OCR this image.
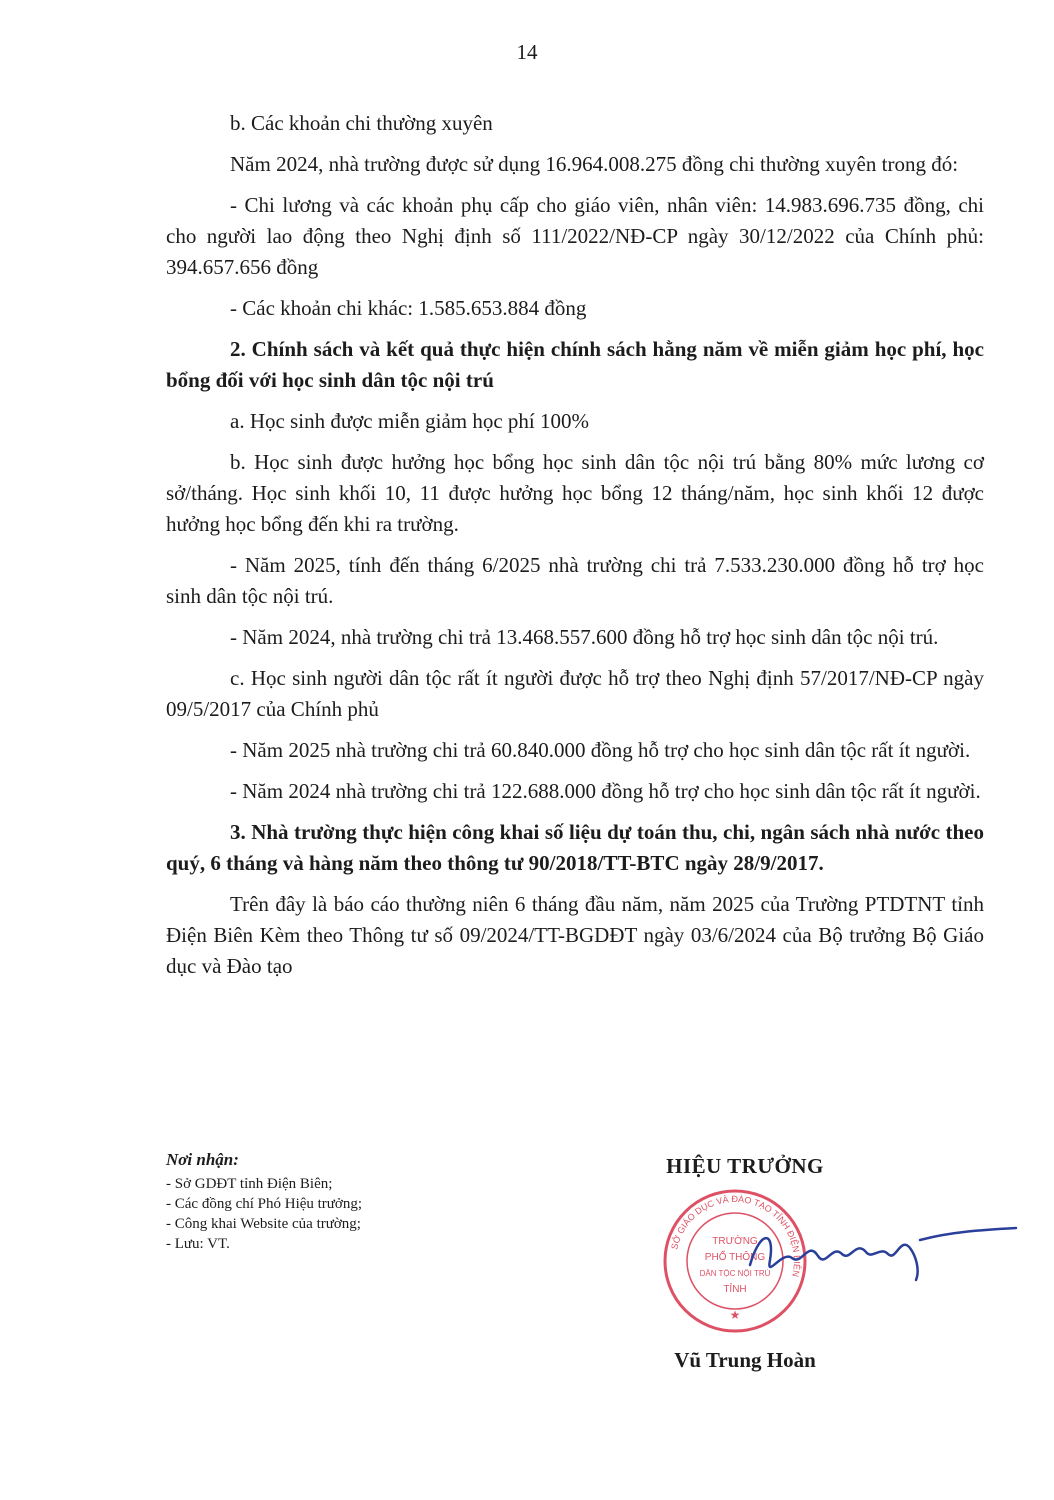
14

b. Các khoản chi thường xuyên

Năm 2024, nhà trường được sử dụng 16.964.008.275 đồng chi thường xuyên trong đó:

- Chi lương và các khoản phụ cấp cho giáo viên, nhân viên: 14.983.696.735 đồng, chi cho người lao động theo Nghị định số 111/2022/NĐ-CP ngày 30/12/2022 của Chính phủ: 394.657.656 đồng

- Các khoản chi khác: 1.585.653.884 đồng

2. Chính sách và kết quả thực hiện chính sách hằng năm về miễn giảm học phí, học bổng đối với học sinh dân tộc nội trú

a. Học sinh được miễn giảm học phí 100%

b. Học sinh được hưởng học bổng học sinh dân tộc nội trú bằng 80% mức lương cơ sở/tháng. Học sinh khối 10, 11 được hưởng học bổng 12 tháng/năm, học sinh khối 12 được hưởng học bổng đến khi ra trường.

- Năm 2025, tính đến tháng 6/2025 nhà trường chi trả 7.533.230.000 đồng hỗ trợ học sinh dân tộc nội trú.

- Năm 2024, nhà trường chi trả 13.468.557.600 đồng hỗ trợ học sinh dân tộc nội trú.

c. Học sinh người dân tộc rất ít người được hỗ trợ theo Nghị định 57/2017/NĐ-CP ngày 09/5/2017 của Chính phủ

- Năm 2025 nhà trường chi trả 60.840.000 đồng hỗ trợ cho học sinh dân tộc rất ít người.

- Năm 2024 nhà trường chi trả 122.688.000 đồng hỗ trợ cho học sinh dân tộc rất ít người.

3. Nhà trường thực hiện công khai số liệu dự toán thu, chi, ngân sách nhà nước theo quý, 6 tháng và hàng năm theo thông tư 90/2018/TT-BTC ngày 28/9/2017.

Trên đây là báo cáo thường niên 6 tháng đầu năm, năm 2025 của Trường PTDTNT tỉnh Điện Biên Kèm theo Thông tư số 09/2024/TT-BGDĐT ngày 03/6/2024 của Bộ trưởng Bộ Giáo dục và Đào tạo

Nơi nhận:

- Sở GDĐT tỉnh Điện Biên;

- Các đồng chí Phó Hiệu trưởng;

- Công khai Website của trường;

- Lưu: VT.

HIỆU TRƯỞNG
SỞ GIÁO DỤC VÀ ĐÀO TẠO TỈNH ĐIỆN BIÊN
TRƯỜNG
PHỔ THÔNG
DÂN TỘC NỘI TRÚ
TỈNH
★
Vũ Trung Hoàn
